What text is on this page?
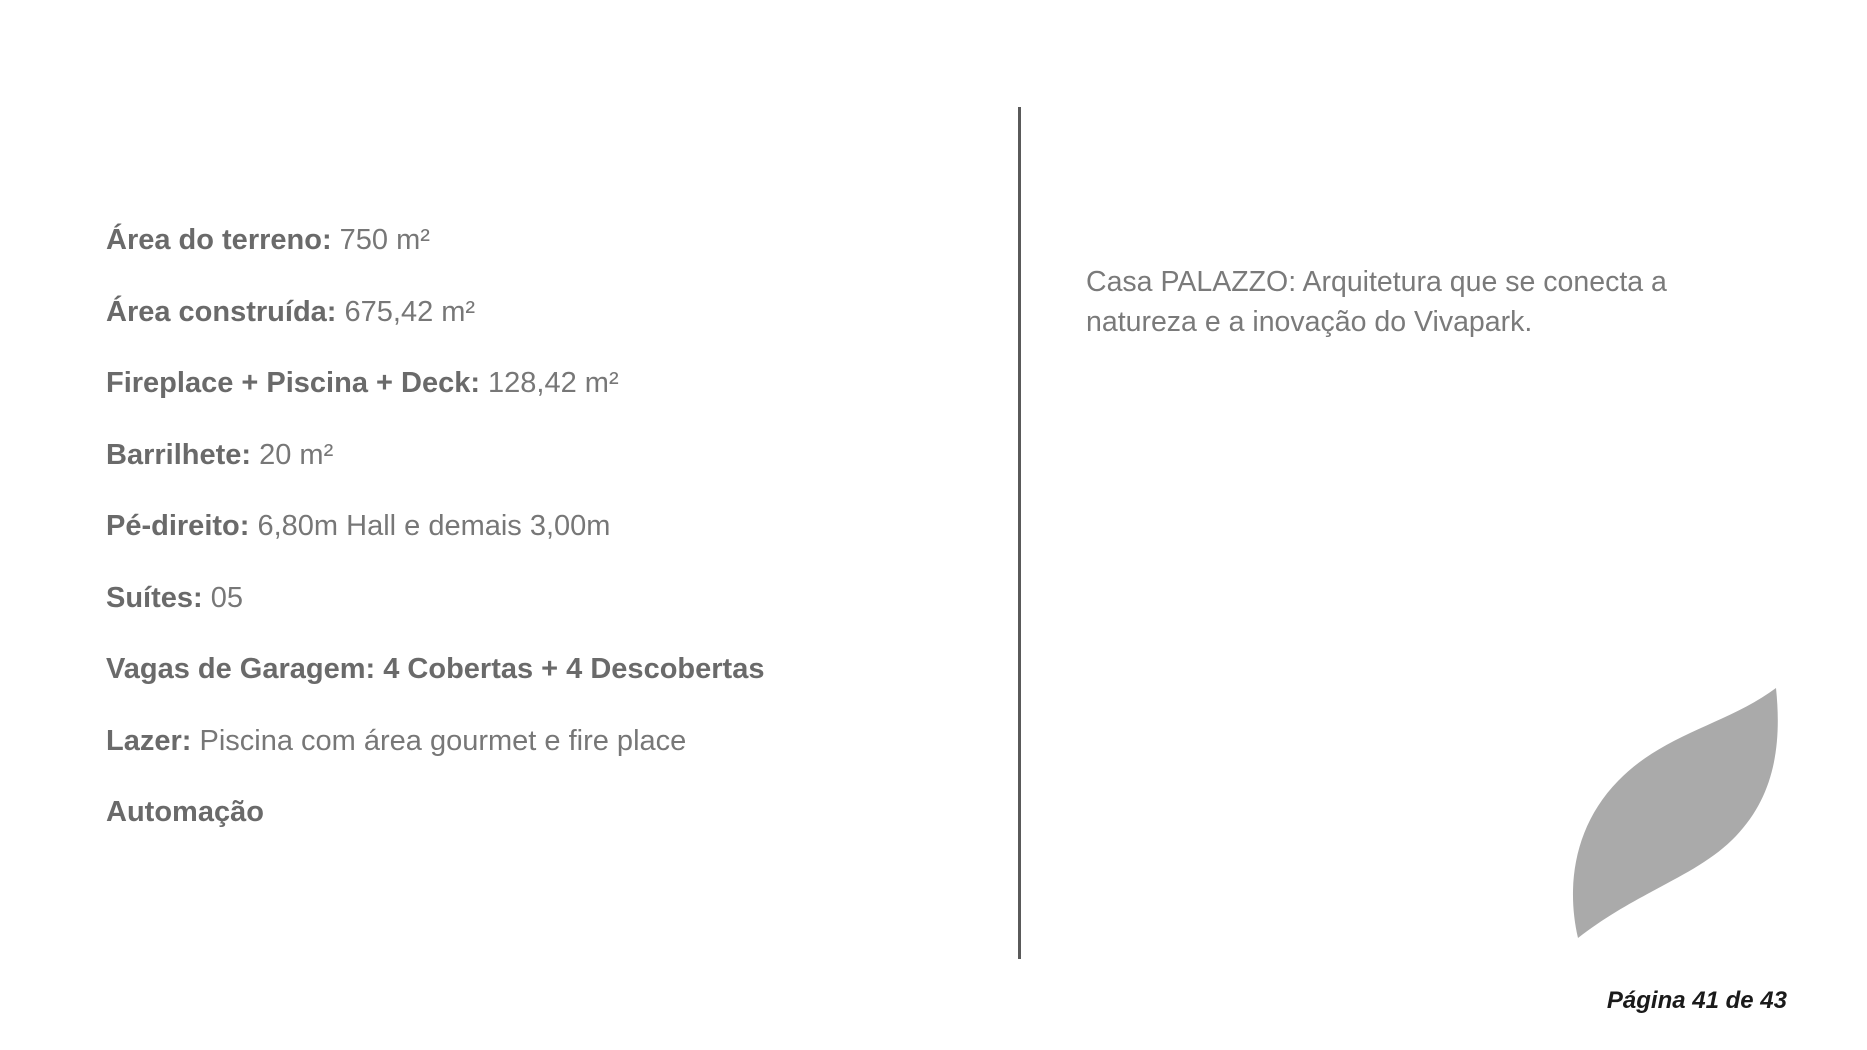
Área do terreno: 750 m²
Área construída: 675,42 m²
Fireplace + Piscina + Deck: 128,42 m²
Barrilhete: 20 m²
Pé-direito: 6,80m Hall e demais 3,00m
Suítes: 05
Vagas de Garagem: 4 Cobertas + 4 Descobertas
Lazer: Piscina com área gourmet e fire place
Automação

Casa PALAZZO: Arquitetura que se conecta a
natureza e a inovação do Vivapark.

Página 41 de 43
